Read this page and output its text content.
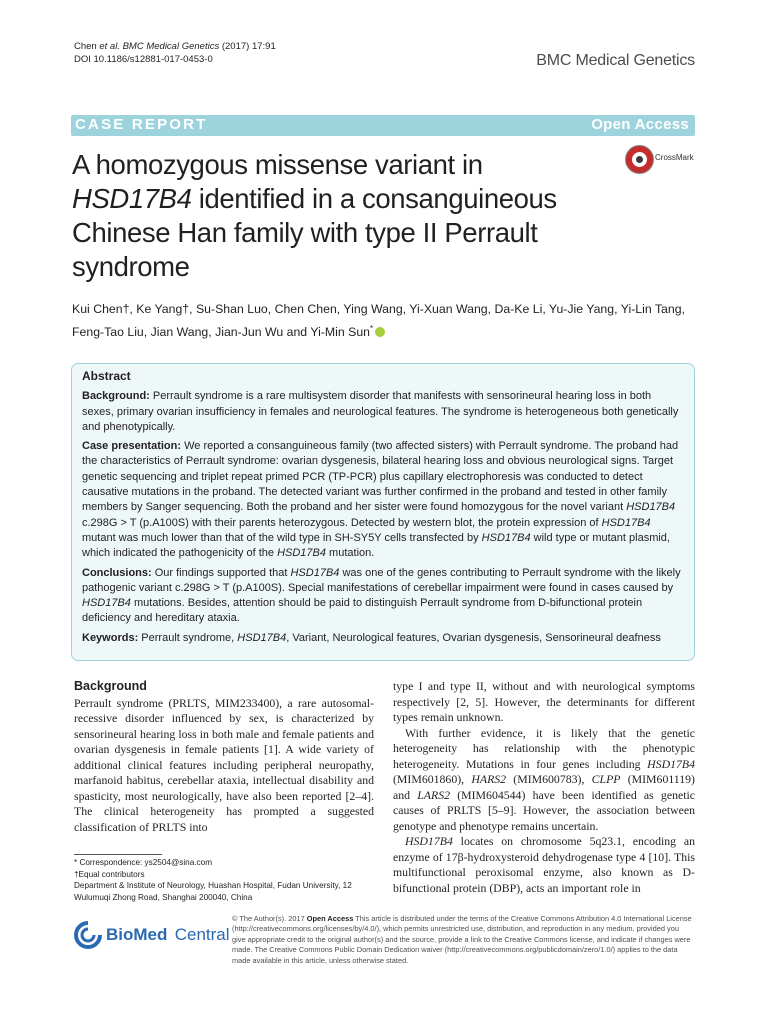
Chen et al. BMC Medical Genetics (2017) 17:91
DOI 10.1186/s12881-017-0453-0	BMC Medical Genetics
CASE REPORT	Open Access
CrossMark
A homozygous missense variant in
HSD17B4 identified in a consanguineous
Chinese Han family with type II Perrault
syndrome
Kui Chen†, Ke Yang†, Su-Shan Luo, Chen Chen, Ying Wang, Yi-Xuan Wang, Da-Ke Li, Yu-Jie Yang, Yi-Lin Tang,
Feng-Tao Liu, Jian Wang, Jian-Jun Wu and Yi-Min Sun*
Abstract

Background: Perrault syndrome is a rare multisystem disorder that manifests with sensorineural hearing loss in both sexes, primary ovarian insufficiency in females and neurological features. The syndrome is heterogeneous both genetically and phenotypically.

Case presentation: We reported a consanguineous family (two affected sisters) with Perrault syndrome. The proband had the characteristics of Perrault syndrome: ovarian dysgenesis, bilateral hearing loss and obvious neurological signs. Target genetic sequencing and triplet repeat primed PCR (TP-PCR) plus capillary electrophoresis was conducted to detect causative mutations in the proband. The detected variant was further confirmed in the proband and tested in other family members by Sanger sequencing. Both the proband and her sister were found homozygous for the novel variant HSD17B4 c.298G > T (p.A100S) with their parents heterozygous. Detected by western blot, the protein expression of HSD17B4 mutant was much lower than that of the wild type in SH-SY5Y cells transfected by HSD17B4 wild type or mutant plasmid, which indicated the pathogenicity of the HSD17B4 mutation.

Conclusions: Our findings supported that HSD17B4 was one of the genes contributing to Perrault syndrome with the likely pathogenic variant c.298G > T (p.A100S). Special manifestations of cerebellar impairment were found in cases caused by HSD17B4 mutations. Besides, attention should be paid to distinguish Perrault syndrome from D-bifunctional protein deficiency and hereditary ataxia.

Keywords: Perrault syndrome, HSD17B4, Variant, Neurological features, Ovarian dysgenesis, Sensorineural deafness

Background

Perrault syndrome (PRLTS, MIM233400), a rare autosomal-recessive disorder influenced by sex, is characterized by sensorineural hearing loss in both male and female patients and ovarian dysgenesis in female patients [1]. A wide variety of additional clinical features including peripheral neuropathy, marfanoid habitus, cerebellar ataxia, intellectual disability and spasticity, most neurologically, have also been reported [2–4]. The clinical heterogeneity has prompted a suggested classification of PRLTS into

type I and type II, without and with neurological symptoms respectively [2, 5]. However, the determinants for different types remain unknown.

With further evidence, it is likely that the genetic heterogeneity has relationship with the phenotypic heterogeneity. Mutations in four genes including HSD17B4 (MIM601860), HARS2 (MIM600783), CLPP (MIM601119) and LARS2 (MIM604544) have been identified as genetic causes of PRLTS [5–9]. However, the association between genotype and phenotype remains uncertain.

HSD17B4 locates on chromosome 5q23.1, encoding an enzyme of 17β-hydroxysteroid dehydrogenase type 4 [10]. This multifunctional peroxisomal enzyme, also known as D-bifunctional protein (DBP), acts an important role in

* Correspondence: ys2504@sina.com
†Equal contributors
Department & Institute of Neurology, Huashan Hospital, Fudan University, 12 Wulumuqi Zhong Road, Shanghai 200040, China
BioMed Central
© The Author(s). 2017 Open Access This article is distributed under the terms of the Creative Commons Attribution 4.0 International License (http://creativecommons.org/licenses/by/4.0/), which permits unrestricted use, distribution, and reproduction in any medium, provided you give appropriate credit to the original author(s) and the source, provide a link to the Creative Commons license, and indicate if changes were made. The Creative Commons Public Domain Dedication waiver (http://creativecommons.org/publicdomain/zero/1.0/) applies to the data made available in this article, unless otherwise stated.
